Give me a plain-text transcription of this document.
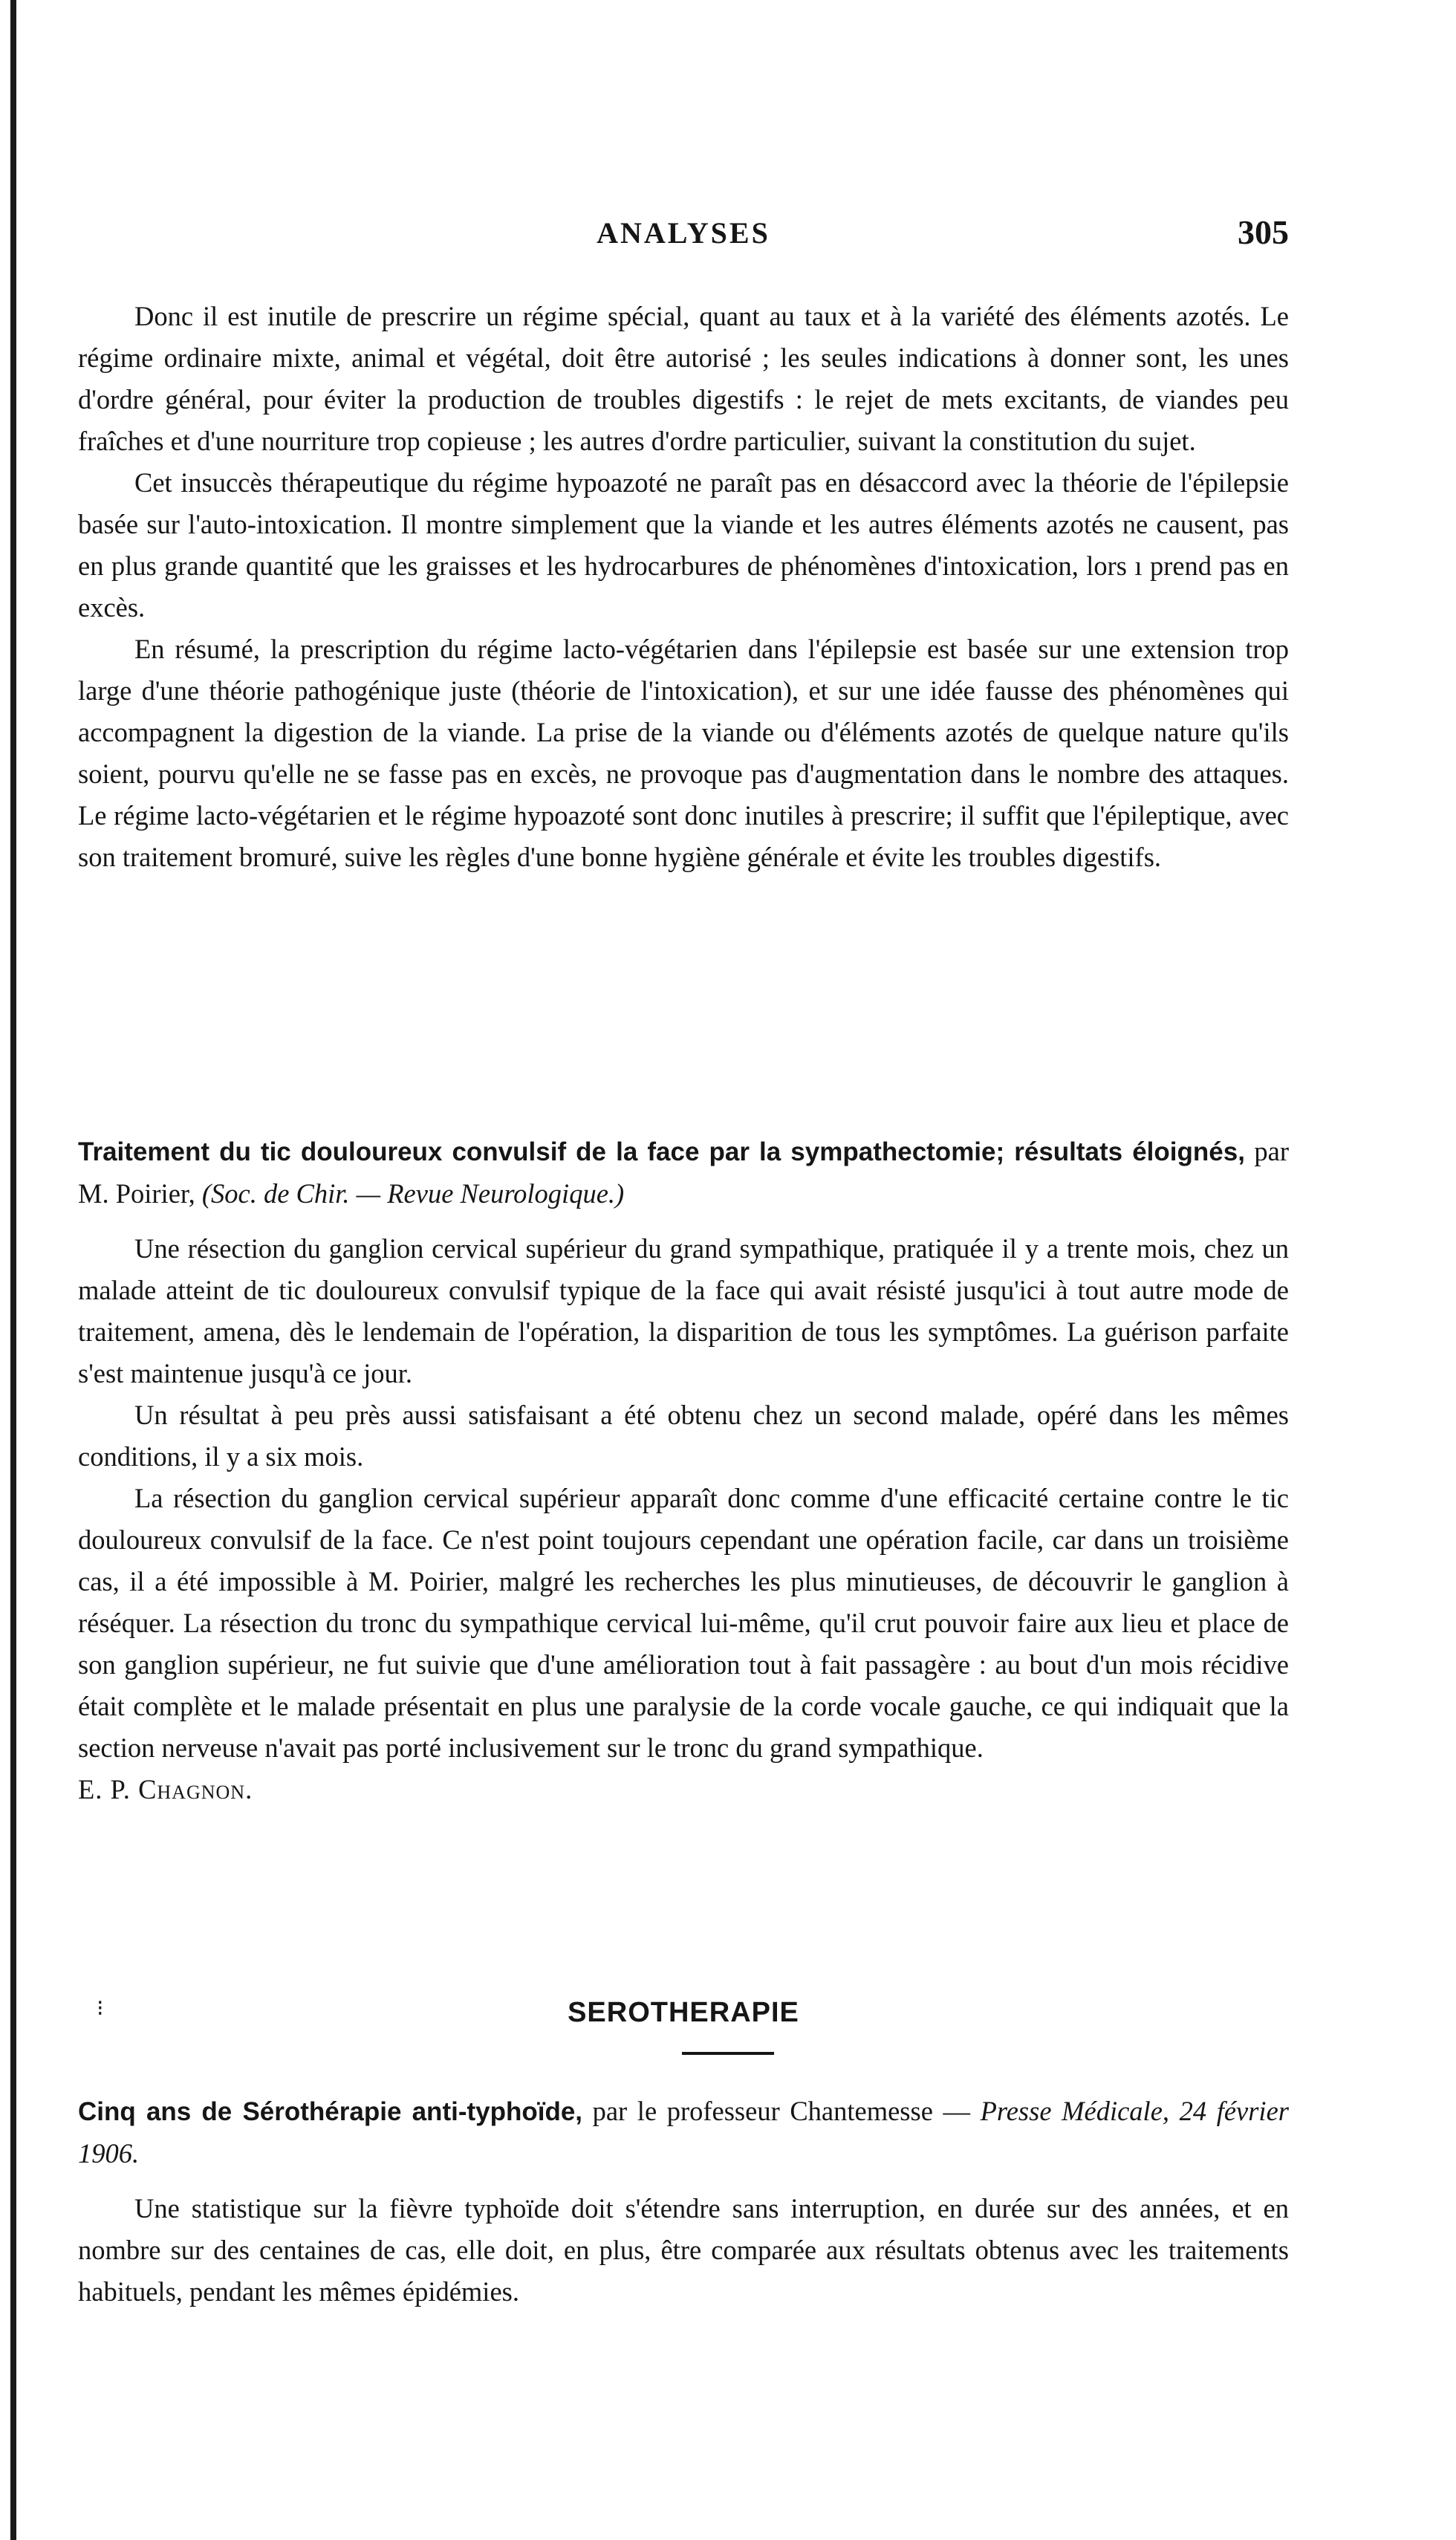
ANALYSES	305

Donc il est inutile de prescrire un régime spécial, quant au taux et à la variété des éléments azotés. Le régime ordinaire mixte, animal et végétal, doit être autorisé ; les seules indications à donner sont, les unes d'ordre général, pour éviter la production de troubles digestifs : le rejet de mets excitants, de viandes peu fraîches et d'une nourriture trop copieuse ; les autres d'ordre particulier, suivant la constitution du sujet.

Cet insuccès thérapeutique du régime hypoazoté ne paraît pas en désaccord avec la théorie de l'épilepsie basée sur l'auto-intoxication. Il montre simplement que la viande et les autres éléments azotés ne causent, pas en plus grande quantité que les graisses et les hydrocarbures de phénomènes d'intoxication, lors ı prend pas en excès.

En résumé, la prescription du régime lacto-végétarien dans l'épilepsie est basée sur une extension trop large d'une théorie pathogénique juste (théorie de l'intoxication), et sur une idée fausse des phénomènes qui accompagnent la digestion de la viande. La prise de la viande ou d'éléments azotés de quelque nature qu'ils soient, pourvu qu'elle ne se fasse pas en excès, ne provoque pas d'augmentation dans le nombre des attaques. Le régime lacto-végétarien et le régime hypoazoté sont donc inutiles à prescrire; il suffit que l'épileptique, avec son traitement bromuré, suive les règles d'une bonne hygiène générale et évite les troubles digestifs.

Traitement du tic douloureux convulsif de la face par la sympathectomie; résultats éloignés, par M. Poirier, (Soc. de Chir. — Revue Neurologique.)

Une résection du ganglion cervical supérieur du grand sympathique, pratiquée il y a trente mois, chez un malade atteint de tic douloureux convulsif typique de la face qui avait résisté jusqu'ici à tout autre mode de traitement, amena, dès le lendemain de l'opération, la disparition de tous les symptômes. La guérison parfaite s'est maintenue jusqu'à ce jour.

Un résultat à peu près aussi satisfaisant a été obtenu chez un second malade, opéré dans les mêmes conditions, il y a six mois.

La résection du ganglion cervical supérieur apparaît donc comme d'une efficacité certaine contre le tic douloureux convulsif de la face. Ce n'est point toujours cependant une opération facile, car dans un troisième cas, il a été impossible à M. Poirier, malgré les recherches les plus minutieuses, de découvrir le ganglion à réséquer. La résection du tronc du sympathique cervical lui-même, qu'il crut pouvoir faire aux lieu et place de son ganglion supérieur, ne fut suivie que d'une amélioration tout à fait passagère : au bout d'un mois récidive était complète et le malade présentait en plus une paralysie de la corde vocale gauche, ce qui indiquait que la section nerveuse n'avait pas porté inclusivement sur le tronc du grand sympathique.

E. P. Chagnon.

⁝	SEROTHERAPIE

Cinq ans de Sérothérapie anti-typhoïde, par le professeur Chantemesse — Presse Médicale, 24 février 1906.

Une statistique sur la fièvre typhoïde doit s'étendre sans interruption, en durée sur des années, et en nombre sur des centaines de cas, elle doit, en plus, être comparée aux résultats obtenus avec les traitements habituels, pendant les mêmes épidémies.
